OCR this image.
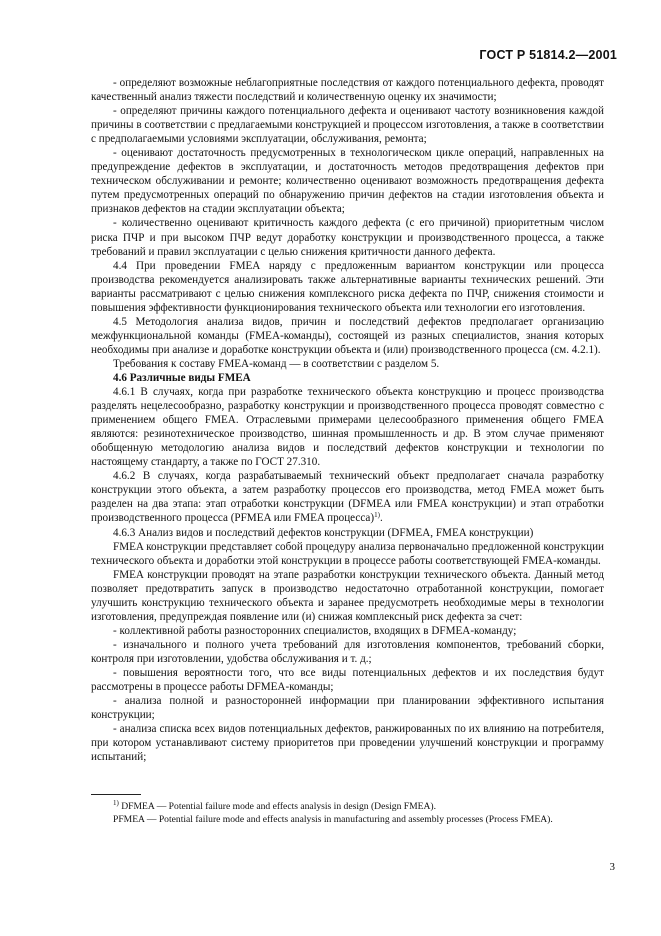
ГОСТ Р 51814.2—2001

- определяют возможные неблагоприятные последствия от каждого потенциального дефекта, проводят качественный анализ тяжести последствий и количественную оценку их значимости;

- определяют причины каждого потенциального дефекта и оценивают частоту возникновения каждой причины в соответствии с предлагаемыми конструкцией и процессом изготовления, а также в соответствии с предполагаемыми условиями эксплуатации, обслуживания, ремонта;

- оценивают достаточность предусмотренных в технологическом цикле операций, направленных на предупреждение дефектов в эксплуатации, и достаточность методов предотвращения дефектов при техническом обслуживании и ремонте; количественно оценивают возможность предотвращения дефекта путем предусмотренных операций по обнаружению причин дефектов на стадии изготовления объекта и признаков дефектов на стадии эксплуатации объекта;

- количественно оценивают критичность каждого дефекта (с его причиной) приоритетным числом риска ПЧР и при высоком ПЧР ведут доработку конструкции и производственного процесса, а также требований и правил эксплуатации с целью снижения критичности данного дефекта.

4.4 При проведении FMEA наряду с предложенным вариантом конструкции или процесса производства рекомендуется анализировать также альтернативные варианты технических решений. Эти варианты рассматривают с целью снижения комплексного риска дефекта по ПЧР, снижения стоимости и повышения эффективности функционирования технического объекта или технологии его изготовления.

4.5 Методология анализа видов, причин и последствий дефектов предполагает организацию межфункциональной команды (FMEA-команды), состоящей из разных специалистов, знания которых необходимы при анализе и доработке конструкции объекта и (или) производственного процесса (см. 4.2.1).

Требования к составу FMEA-команд — в соответствии с разделом 5.

4.6 Различные виды FMEA

4.6.1 В случаях, когда при разработке технического объекта конструкцию и процесс производства разделять нецелесообразно, разработку конструкции и производственного процесса проводят совместно с применением общего FMEA. Отраслевыми примерами целесообразного применения общего FMEA являются: резинотехническое производство, шинная промышленность и др. В этом случае применяют обобщенную методологию анализа видов и последствий дефектов конструкции и технологии по настоящему стандарту, а также по ГОСТ 27.310.

4.6.2 В случаях, когда разрабатываемый технический объект предполагает сначала разработку конструкции этого объекта, а затем разработку процессов его производства, метод FMEA может быть разделен на два этапа: этап отработки конструкции (DFMEA или FMEA конструкции) и этап отработки производственного процесса (PFMEA или FMEA процесса)$^{1)}$.

4.6.3 Анализ видов и последствий дефектов конструкции (DFMEA, FMEA конструкции)

FMEA конструкции представляет собой процедуру анализа первоначально предложенной конструкции технического объекта и доработки этой конструкции в процессе работы соответствующей FMEA-команды.

FMEA конструкции проводят на этапе разработки конструкции технического объекта. Данный метод позволяет предотвратить запуск в производство недостаточно отработанной конструкции, помогает улучшить конструкцию технического объекта и заранее предусмотреть необходимые меры в технологии изготовления, предупреждая появление или (и) снижая комплексный риск дефекта за счет:

- коллективной работы разносторонних специалистов, входящих в DFMEA-команду;

- изначального и полного учета требований для изготовления компонентов, требований сборки, контроля при изготовлении, удобства обслуживания и т. д.;

- повышения вероятности того, что все виды потенциальных дефектов и их последствия будут рассмотрены в процессе работы DFMEA-команды;

- анализа полной и разносторонней информации при планировании эффективного испытания конструкции;

- анализа списка всех видов потенциальных дефектов, ранжированных по их влиянию на потребителя, при котором устанавливают систему приоритетов при проведении улучшений конструкции и программу испытаний;

$^{1)}$ DFMEA — Potential failure mode and effects analysis in design (Design FMEA).

PFMEA — Potential failure mode and effects analysis in manufacturing and assembly processes (Process FMEA).

3
